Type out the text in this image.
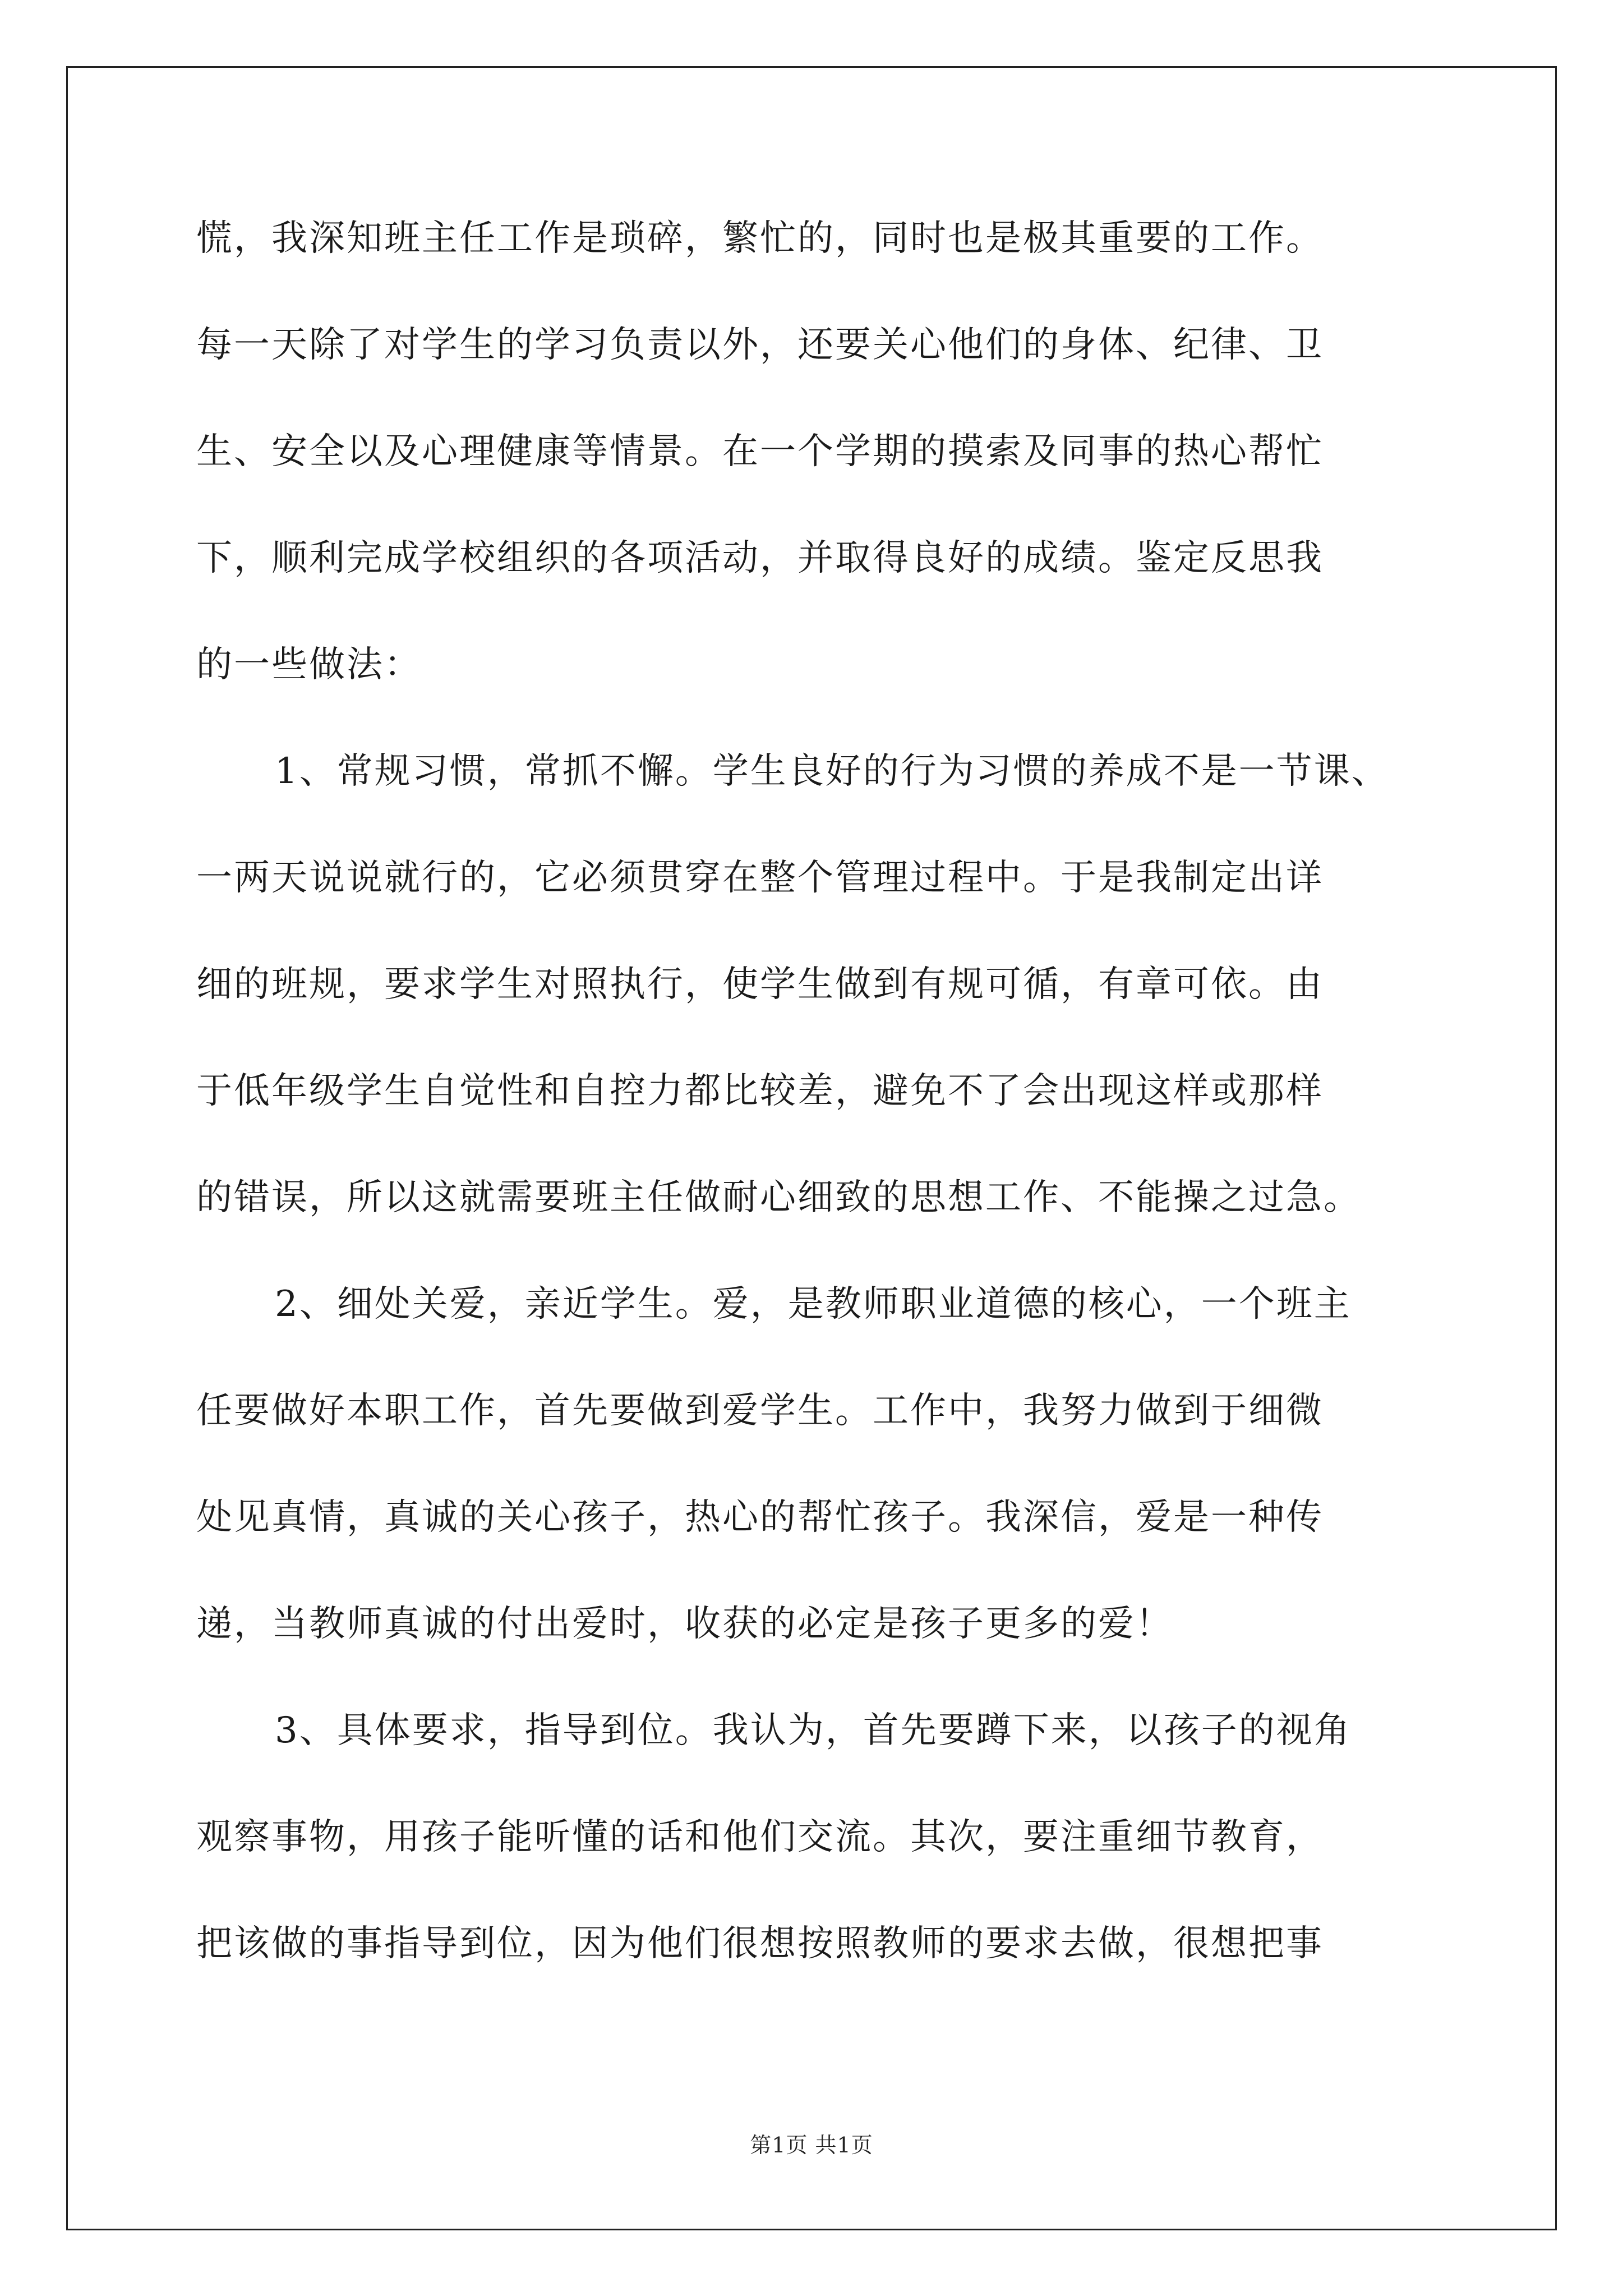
慌，我深知班主任工作是琐碎，繁忙的，同时也是极其重要的工作。
每一天除了对学生的学习负责以外，还要关心他们的身体、纪律、卫
生、安全以及心理健康等情景。在一个学期的摸索及同事的热心帮忙
下，顺利完成学校组织的各项活动，并取得良好的成绩。鉴定反思我
的一些做法：
1、常规习惯，常抓不懈。学生良好的行为习惯的养成不是一节课、
一两天说说就行的，它必须贯穿在整个管理过程中。于是我制定出详
细的班规，要求学生对照执行，使学生做到有规可循，有章可依。由
于低年级学生自觉性和自控力都比较差，避免不了会出现这样或那样
的错误，所以这就需要班主任做耐心细致的思想工作、不能操之过急。
2、细处关爱，亲近学生。爱，是教师职业道德的核心，一个班主
任要做好本职工作，首先要做到爱学生。工作中，我努力做到于细微
处见真情，真诚的关心孩子，热心的帮忙孩子。我深信，爱是一种传
递，当教师真诚的付出爱时，收获的必定是孩子更多的爱！
3、具体要求，指导到位。我认为，首先要蹲下来，以孩子的视角
观察事物，用孩子能听懂的话和他们交流。其次，要注重细节教育，
把该做的事指导到位，因为他们很想按照教师的要求去做，很想把事
第1页 共1页
